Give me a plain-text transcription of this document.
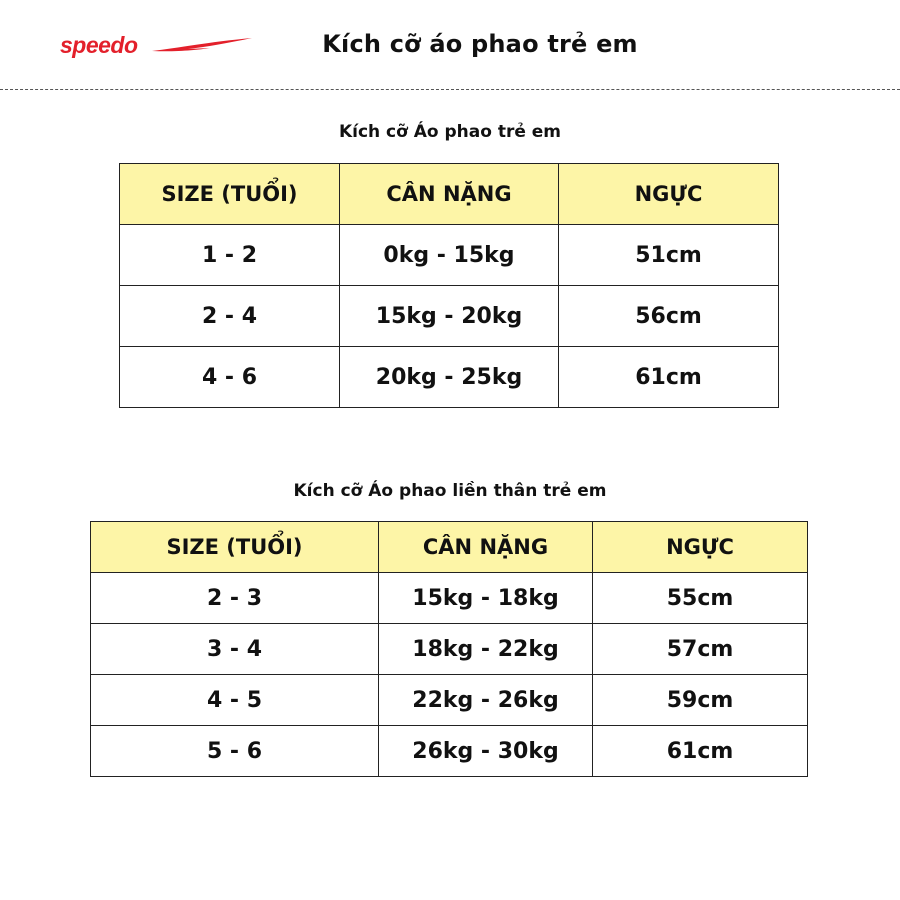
speedo	Kích cỡ áo phao trẻ em
Kích cỡ Áo phao trẻ em
SIZE (TUỔI)	CÂN NẶNG	NGỰC
1 - 2	0kg - 15kg	51cm
2 - 4	15kg - 20kg	56cm
4 - 6	20kg - 25kg	61cm
Kích cỡ Áo phao liền thân trẻ em
SIZE (TUỔI)	CÂN NẶNG	NGỰC
2 - 3	15kg - 18kg	55cm
3 - 4	18kg - 22kg	57cm
4 - 5	22kg - 26kg	59cm
5 - 6	26kg - 30kg	61cm
